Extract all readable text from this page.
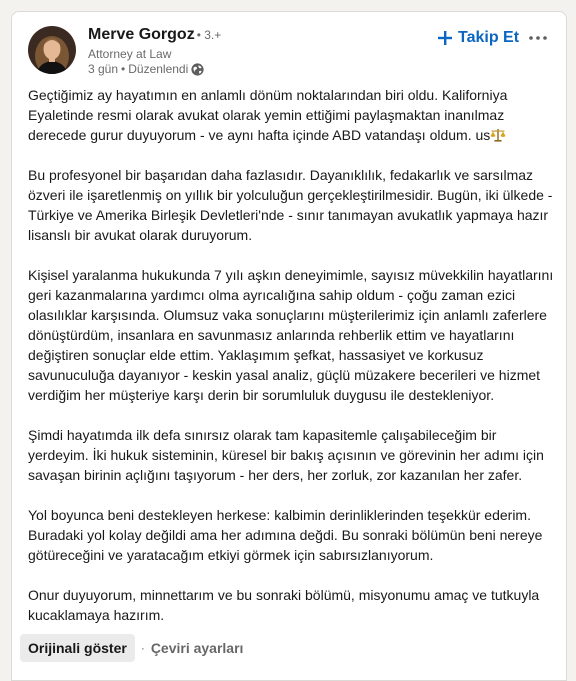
Merve Gorgoz • 3.+
Attorney at Law
3 gün • Düzenlendi
Takip Et

Geçtiğimiz ay hayatımın en anlamlı dönüm noktalarından biri oldu. Kaliforniya Eyaletinde resmi olarak avukat olarak yemin ettiğimi paylaşmaktan inanılmaz derecede gurur duyuyorum - ve aynı hafta içinde ABD vatandaşı oldum. us

Bu profesyonel bir başarıdan daha fazlasıdır. Dayanıklılık, fedakarlık ve sarsılmaz özveri ile işaretlenmiş on yıllık bir yolculuğun gerçekleştirilmesidir. Bugün, iki ülkede - Türkiye ve Amerika Birleşik Devletleri'nde - sınır tanımayan avukatlık yapmaya hazır lisanslı bir avukat olarak duruyorum.

Kişisel yaralanma hukukunda 7 yılı aşkın deneyimimle, sayısız müvekkilin hayatlarını geri kazanmalarına yardımcı olma ayrıcalığına sahip oldum - çoğu zaman ezici olasılıklar karşısında. Olumsuz vaka sonuçlarını müşterilerimiz için anlamlı zaferlere dönüştürdüm, insanlara en savunmasız anlarında rehberlik ettim ve hayatlarını değiştiren sonuçlar elde ettim. Yaklaşımım şefkat, hassasiyet ve korkusuz savunuculuğa dayanıyor - keskin yasal analiz, güçlü müzakere becerileri ve hizmet verdiğim her müşteriye karşı derin bir sorumluluk duygusu ile destekleniyor.

Şimdi hayatımda ilk defa sınırsız olarak tam kapasitemle çalışabileceğim bir yerdeyim. İki hukuk sisteminin, küresel bir bakış açısının ve görevinin her adımı için savaşan birinin açlığını taşıyorum - her ders, her zorluk, zor kazanılan her zafer.

Yol boyunca beni destekleyen herkese: kalbimin derinliklerinden teşekkür ederim. Buradaki yol kolay değildi ama her adımına değdi. Bu sonraki bölümün beni nereye götüreceğini ve yaratacağım etkiyi görmek için sabırsızlanıyorum.

Onur duyuyorum, minnettarım ve bu sonraki bölümü, misyonumu amaç ve tutkuyla kucaklamaya hazırım.

Orijinali göster	· Çeviri ayarları
